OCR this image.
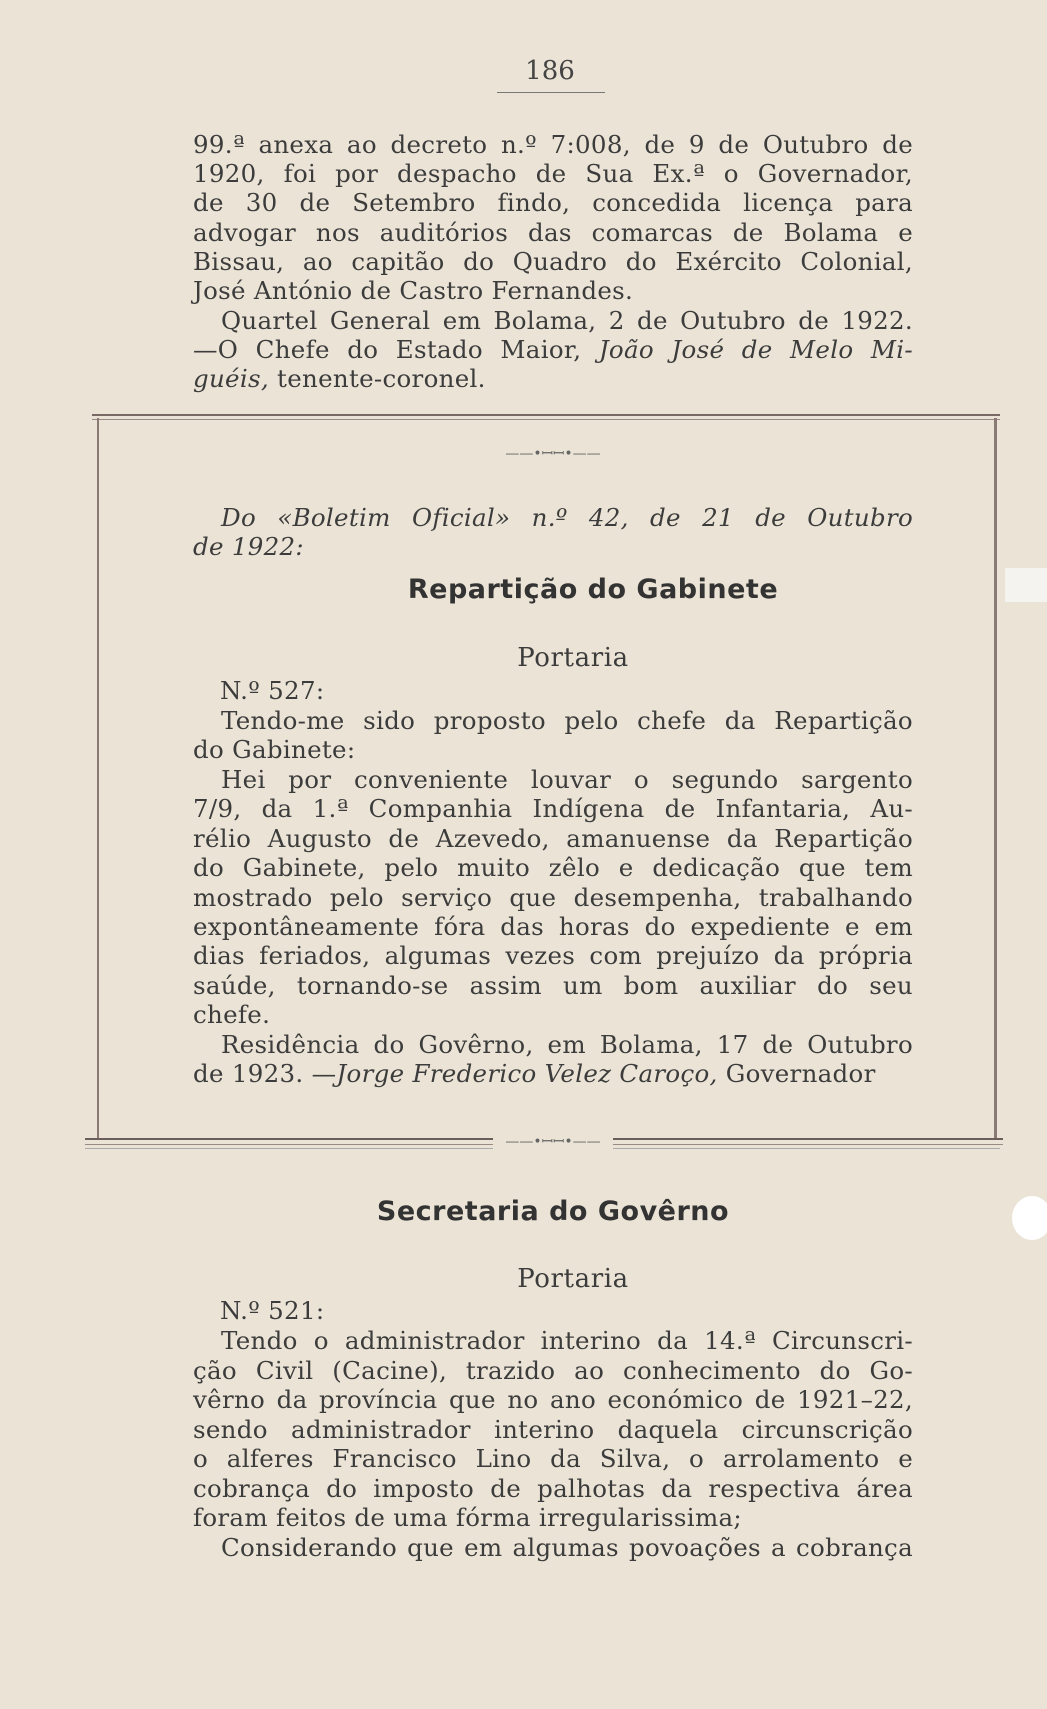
186
99.ª anexa ao decreto n.º 7:008, de 9 de Outubro de
1920, foi por despacho de Sua Ex.ª o Governador,
de 30 de Setembro findo, concedida licença para
advogar nos auditórios das comarcas de Bolama e
Bissau, ao capitão do Quadro do Exército Colonial,
José António de Castro Fernandes.
Quartel General em Bolama, 2 de Outubro de 1922.
—O Chefe do Estado Maior, João José de Melo Mi-
guéis, tenente-coronel.
——•ꟷꟷ•——
Do «Boletim Oficial» n.º 42, de 21 de Outubro
de 1922:
Repartição do Gabinete
Portaria
N.º 527:
Tendo-me sido proposto pelo chefe da Repartição
do Gabinete:
Hei por conveniente louvar o segundo sargento
7/9, da 1.ª Companhia Indígena de Infantaria, Au-
rélio Augusto de Azevedo, amanuense da Repartição
do Gabinete, pelo muito zêlo e dedicação que tem
mostrado pelo serviço que desempenha, trabalhando
expontâneamente fóra das horas do expediente e em
dias feriados, algumas vezes com prejuízo da própria
saúde, tornando-se assim um bom auxiliar do seu
chefe.
Residência do Govêrno, em Bolama, 17 de Outubro
de 1923. —Jorge Frederico Velez Caroço, Governador
——•ꟷꟷ•——
Secretaria do Govêrno
Portaria
N.º 521:
Tendo o administrador interino da 14.ª Circunscri-
ção Civil (Cacine), trazido ao conhecimento do Go-
vêrno da província que no ano económico de 1921–22,
sendo administrador interino daquela circunscrição
o alferes Francisco Lino da Silva, o arrolamento e
cobrança do imposto de palhotas da respectiva área
foram feitos de uma fórma irregularissima;
Considerando que em algumas povoações a cobrança
